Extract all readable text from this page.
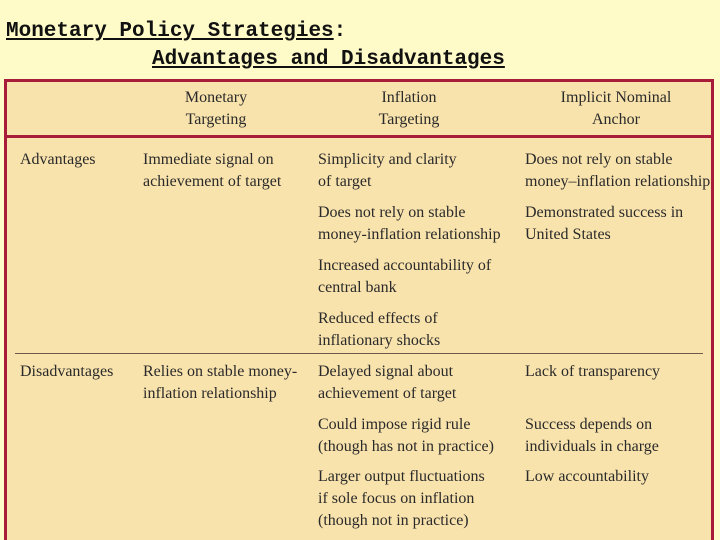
Monetary Policy Strategies:
Advantages and Disadvantages
Monetary
Targeting
Inflation
Targeting
Implicit Nominal
Anchor
Advantages	Immediate signal on
achievement of target
Simplicity and clarity
of target
Does not rely on stable
money-inflation relationship
Increased accountability of
central bank
Reduced effects of
inflationary shocks
Does not rely on stable
money–inflation relationship
Demonstrated success in
United States
Disadvantages Relies on stable money-
inflation relationship
Delayed signal about
achievement of target
Could impose rigid rule
(though has not in practice)
Larger output fluctuations
if sole focus on inflation
(though not in practice)
Lack of transparency
Success depends on
individuals in charge
Low accountability
